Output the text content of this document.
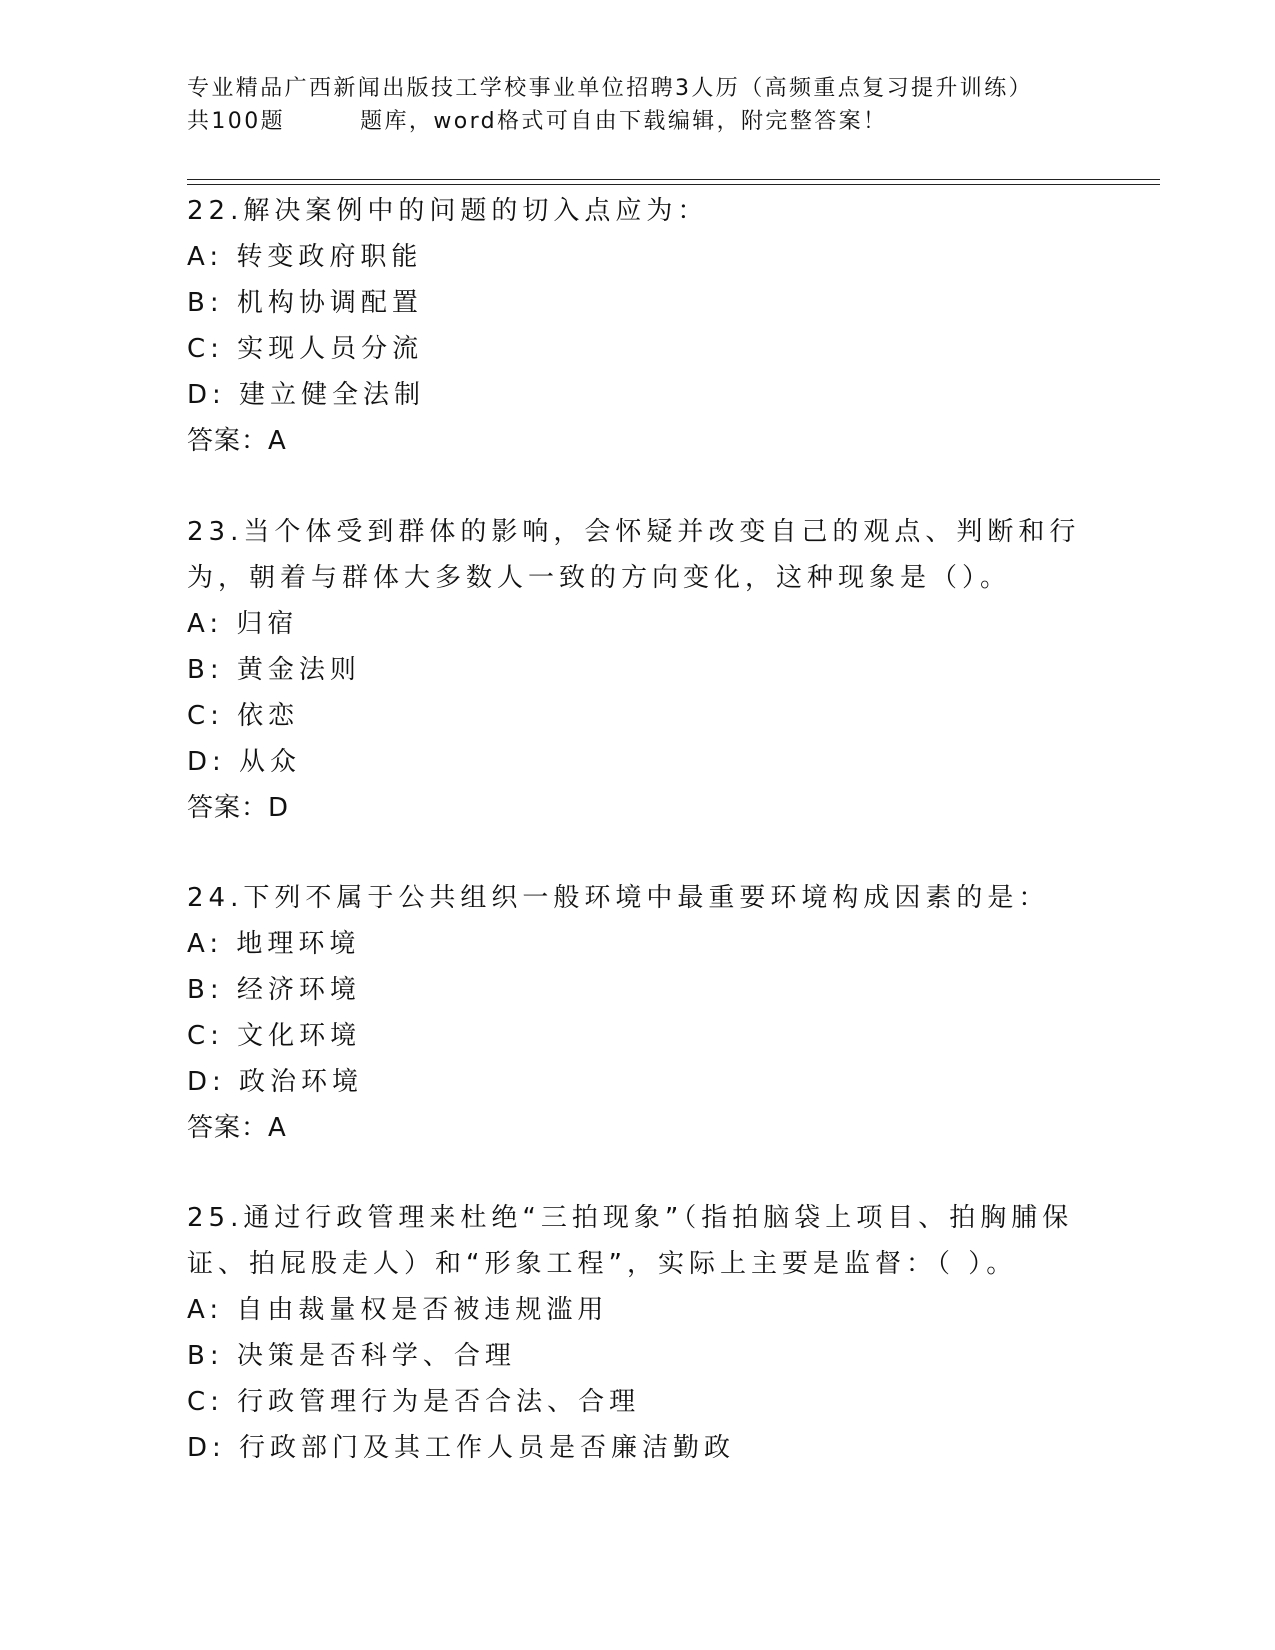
专业精品广西新闻出版技工学校事业单位招聘3人历（高频重点复习提升训练）
共100题        题库，word格式可自由下载编辑，附完整答案！
22.解决案例中的问题的切入点应为：
A: 转变政府职能
B: 机构协调配置
C: 实现人员分流
D: 建立健全法制
答案：A
23.当个体受到群体的影响，会怀疑并改变自己的观点、判断和行为，朝着与群体大多数人一致的方向变化，这种现象是（）。
A: 归宿
B: 黄金法则
C: 依恋
D: 从众
答案：D
24.下列不属于公共组织一般环境中最重要环境构成因素的是：
A: 地理环境
B: 经济环境
C: 文化环境
D: 政治环境
答案：A
25.通过行政管理来杜绝“三拍现象”（指拍脑袋上项目、拍胸脯保证、拍屁股走人）和“形象工程”，实际上主要是监督：（ ）。
A: 自由裁量权是否被违规滥用
B: 决策是否科学、合理
C: 行政管理行为是否合法、合理
D: 行政部门及其工作人员是否廉洁勤政
